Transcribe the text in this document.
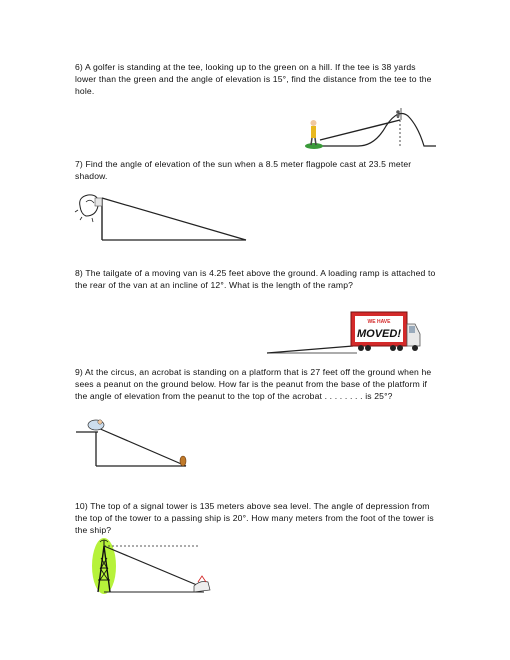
6) A golfer is standing at the tee, looking up to the green on a hill. If the tee is 38 yards lower than the green and the angle of elevation is 15°, find the distance from the tee to the hole.
7) Find the angle of elevation of the sun when a 8.5 meter flagpole cast at 23.5 meter shadow.
8) The tailgate of a moving van is 4.25 feet above the ground. A loading ramp is attached to the rear of the van at an incline of 12°. What is the length of the ramp?
WE HAVE
MOVED!
9) At the circus, an acrobat is standing on a platform that is 27 feet off the ground when he sees a peanut on the ground below. How far is the peanut from the base of the platform if the angle of elevation from the peanut to the top of the acrobat . . . . . . . . is 25°?
10) The top of a signal tower is 135 meters above sea level. The angle of depression from the top of the tower to a passing ship is 20°. How many meters from the foot of the tower is the ship?
